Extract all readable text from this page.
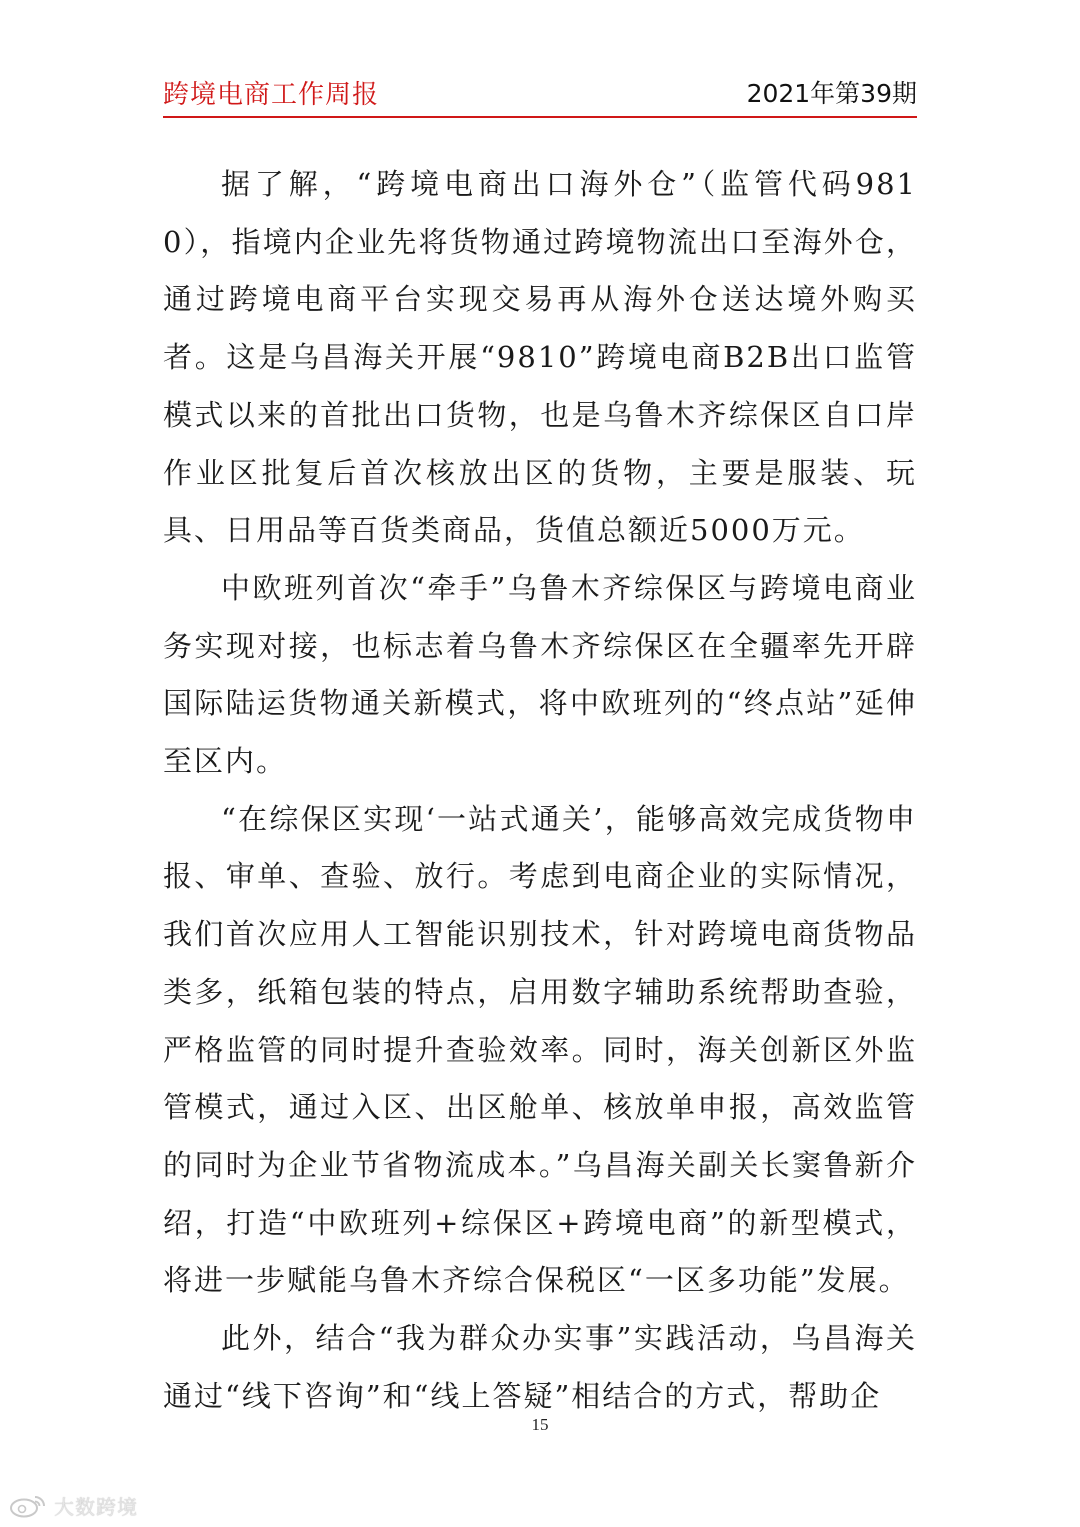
跨境电商工作周报	2021年第39期

据了解，“跨境电商出口海外仓”（监管代码9810），指境内企业先将货物通过跨境物流出口至海外仓，通过跨境电商平台实现交易再从海外仓送达境外购买者。这是乌昌海关开展“9810”跨境电商B2B出口监管模式以来的首批出口货物，也是乌鲁木齐综保区自口岸作业区批复后首次核放出区的货物，主要是服装、玩具、日用品等百货类商品，货值总额近5000万元。

中欧班列首次“牵手”乌鲁木齐综保区与跨境电商业务实现对接，也标志着乌鲁木齐综保区在全疆率先开辟国际陆运货物通关新模式，将中欧班列的“终点站”延伸至区内。

“在综保区实现‘一站式通关’，能够高效完成货物申报、审单、查验、放行。考虑到电商企业的实际情况，我们首次应用人工智能识别技术，针对跨境电商货物品类多，纸箱包装的特点，启用数字辅助系统帮助查验，严格监管的同时提升查验效率。同时，海关创新区外监管模式，通过入区、出区舱单、核放单申报，高效监管的同时为企业节省物流成本。”乌昌海关副关长窦鲁新介绍，打造“中欧班列+综保区+跨境电商”的新型模式，将进一步赋能乌鲁木齐综合保税区“一区多功能”发展。

此外，结合“我为群众办实事”实践活动，乌昌海关通过“线下咨询”和“线上答疑”相结合的方式，帮助企

15
大数跨境
